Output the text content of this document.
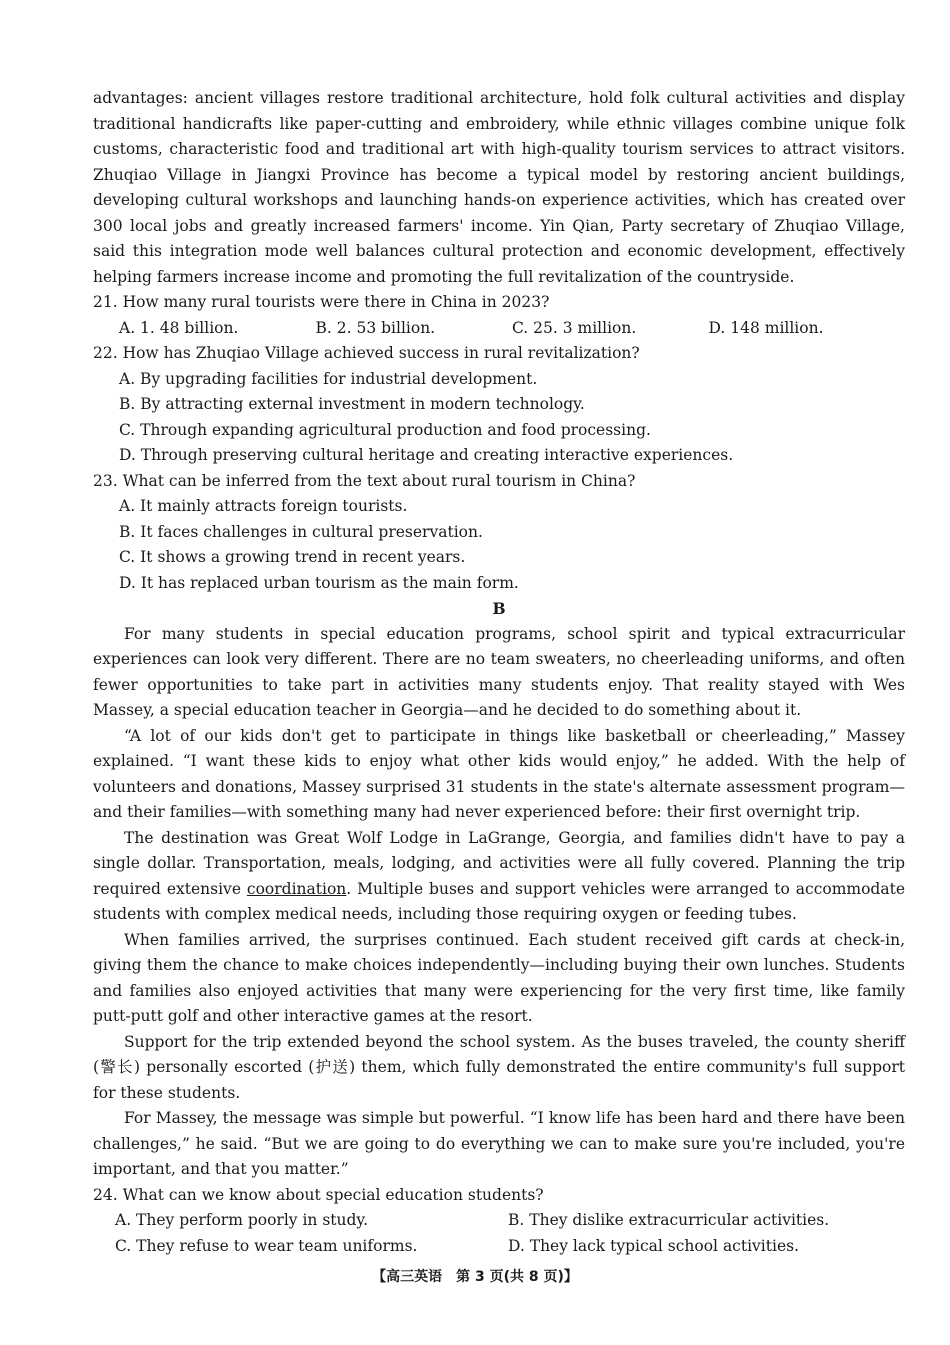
advantages: ancient villages restore traditional architecture, hold folk cultural activities and display traditional handicrafts like paper-cutting and embroidery, while ethnic villages combine unique folk customs, characteristic food and traditional art with high-quality tourism services to attract visitors. Zhuqiao Village in Jiangxi Province has become a typical model by restoring ancient buildings, developing cultural workshops and launching hands-on experience activities, which has created over 300 local jobs and greatly increased farmers' income. Yin Qian, Party secretary of Zhuqiao Village, said this integration mode well balances cultural protection and economic development, effectively helping farmers increase income and promoting the full revitalization of the countryside.

21. How many rural tourists were there in China in 2023?

A. 1. 48 billion.	B. 2. 53 billion.	C. 25. 3 million.	D. 148 million.

22. How has Zhuqiao Village achieved success in rural revitalization?

A. By upgrading facilities for industrial development.

B. By attracting external investment in modern technology.

C. Through expanding agricultural production and food processing.

D. Through preserving cultural heritage and creating interactive experiences.

23. What can be inferred from the text about rural tourism in China?

A. It mainly attracts foreign tourists.

B. It faces challenges in cultural preservation.

C. It shows a growing trend in recent years.

D. It has replaced urban tourism as the main form.

B

For many students in special education programs, school spirit and typical extracurricular experiences can look very different. There are no team sweaters, no cheerleading uniforms, and often fewer opportunities to take part in activities many students enjoy. That reality stayed with Wes Massey, a special education teacher in Georgia—and he decided to do something about it.

“A lot of our kids don't get to participate in things like basketball or cheerleading,” Massey explained. “I want these kids to enjoy what other kids would enjoy,” he added. With the help of volunteers and donations, Massey surprised 31 students in the state's alternate assessment program—and their families—with something many had never experienced before: their first overnight trip.

The destination was Great Wolf Lodge in LaGrange, Georgia, and families didn't have to pay a single dollar. Transportation, meals, lodging, and activities were all fully covered. Planning the trip required extensive coordination. Multiple buses and support vehicles were arranged to accommodate students with complex medical needs, including those requiring oxygen or feeding tubes.

When families arrived, the surprises continued. Each student received gift cards at check-in, giving them the chance to make choices independently—including buying their own lunches. Students and families also enjoyed activities that many were experiencing for the very first time, like family putt-putt golf and other interactive games at the resort.

Support for the trip extended beyond the school system. As the buses traveled, the county sheriff (警长) personally escorted (护送) them, which fully demonstrated the entire community's full support for these students.

For Massey, the message was simple but powerful. “I know life has been hard and there have been challenges,” he said. “But we are going to do everything we can to make sure you're included, you're important, and that you matter.”

24. What can we know about special education students?

A. They perform poorly in study.	B. They dislike extracurricular activities.
C. They refuse to wear team uniforms.	D. They lack typical school activities.
【高三英语　第 3 页(共 8 页)】
